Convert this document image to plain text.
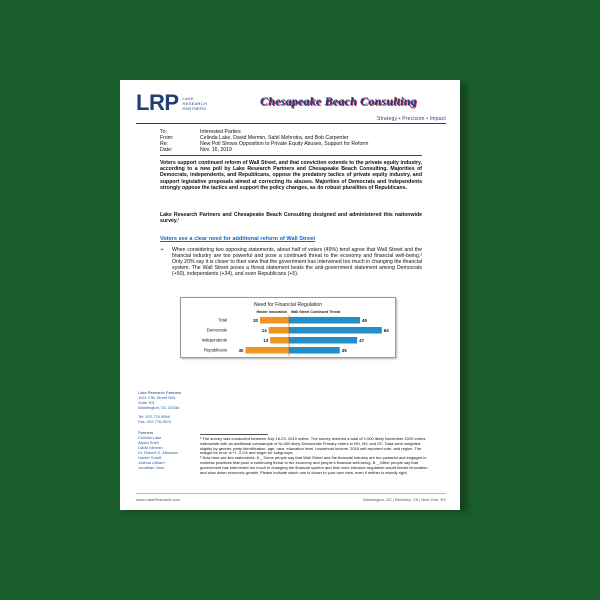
LRP LAKE
RESEARCH
PARTNERS	Chesapeake Beach Consulting
Strategy • Precision • Impact
To:	Interested Parties
From:	Celinda Lake, David Mermin, Sahil Mehrotra, and Bob Carpenter
Re:	New Poll Shows Opposition to Private Equity Abuses, Support for Reform
Date:	Nov. 16, 2019
Voters support continued reform of Wall Street, and that conviction extends to the private equity industry, according to a new poll by Lake Research Partners and Chesapeake Beach Consulting. Majorities of Democrats, independents, and Republicans, oppose the predatory tactics of private equity industry, and support legislative proposals aimed at correcting its abuses. Majorities of Democrats and Independents strongly oppose the tactics and support the policy changes, as do robust pluralities of Republicans.
Lake Research Partners and Chesapeake Beach Consulting designed and administered this nationwide survey.¹
Voters see a clear need for additional reform of Wall Street
➢	When considering two opposing statements, about half of voters (49%) tend agree that Wall Street and the financial industry are too powerful and pose a continued threat to the economy and financial well-being.² Only 20% say it is closer to their view that the government has intervened too much in changing the financial system. The Wall Street poses a threat statement beats the anti-government statement among Democrats (+50), independents (+34), and even Republicans (+5).
Need for Financial Regulation
Hinder Innovation Wall Street Continued Threat
Total	20	49
Democrats	14	64
Independents	13	47
Republicans	30	35
Lake Research Partners
1101 17th Street NW,
Suite 301
Washington, DC 20036
Tel: 202.776.9066
Fax: 202.776.9074
Partners
Celinda Lake
Alysia Snell
David Mermin
Dr. Robert G. Meadow
Daniel Gotoff
Joshua Ulibarri
Jonathan Voss

¹ The survey was conducted between July 16-23, 2019 online. The survey reached a total of 1,000 likely November 2020 voters nationwide with an additional oversample of N=400 likely Democratic Primary voters in NH, NV, and SC. Data were weighted slightly by gender, party identification, age, race, education level, household income, 2016 self-reported vote, and region. The margin for error is +/- 3.1% and larger for subgroups.

² Now here are two statements. A _ Some people say that Wall Street and the financial industry are too powerful and engaged in reckless practices that pose a continuing threat to the economy and people’s financial well-being. B _ Other people say that government has intervened too much in changing the financial system and that more intrusive regulation would hinder innovation and slow down economic growth. Please indicate which one is closer to your own view, even if neither is exactly right.

www.LakeResearch.com	Washington, DC | Berkeley, CA | New York, NY
